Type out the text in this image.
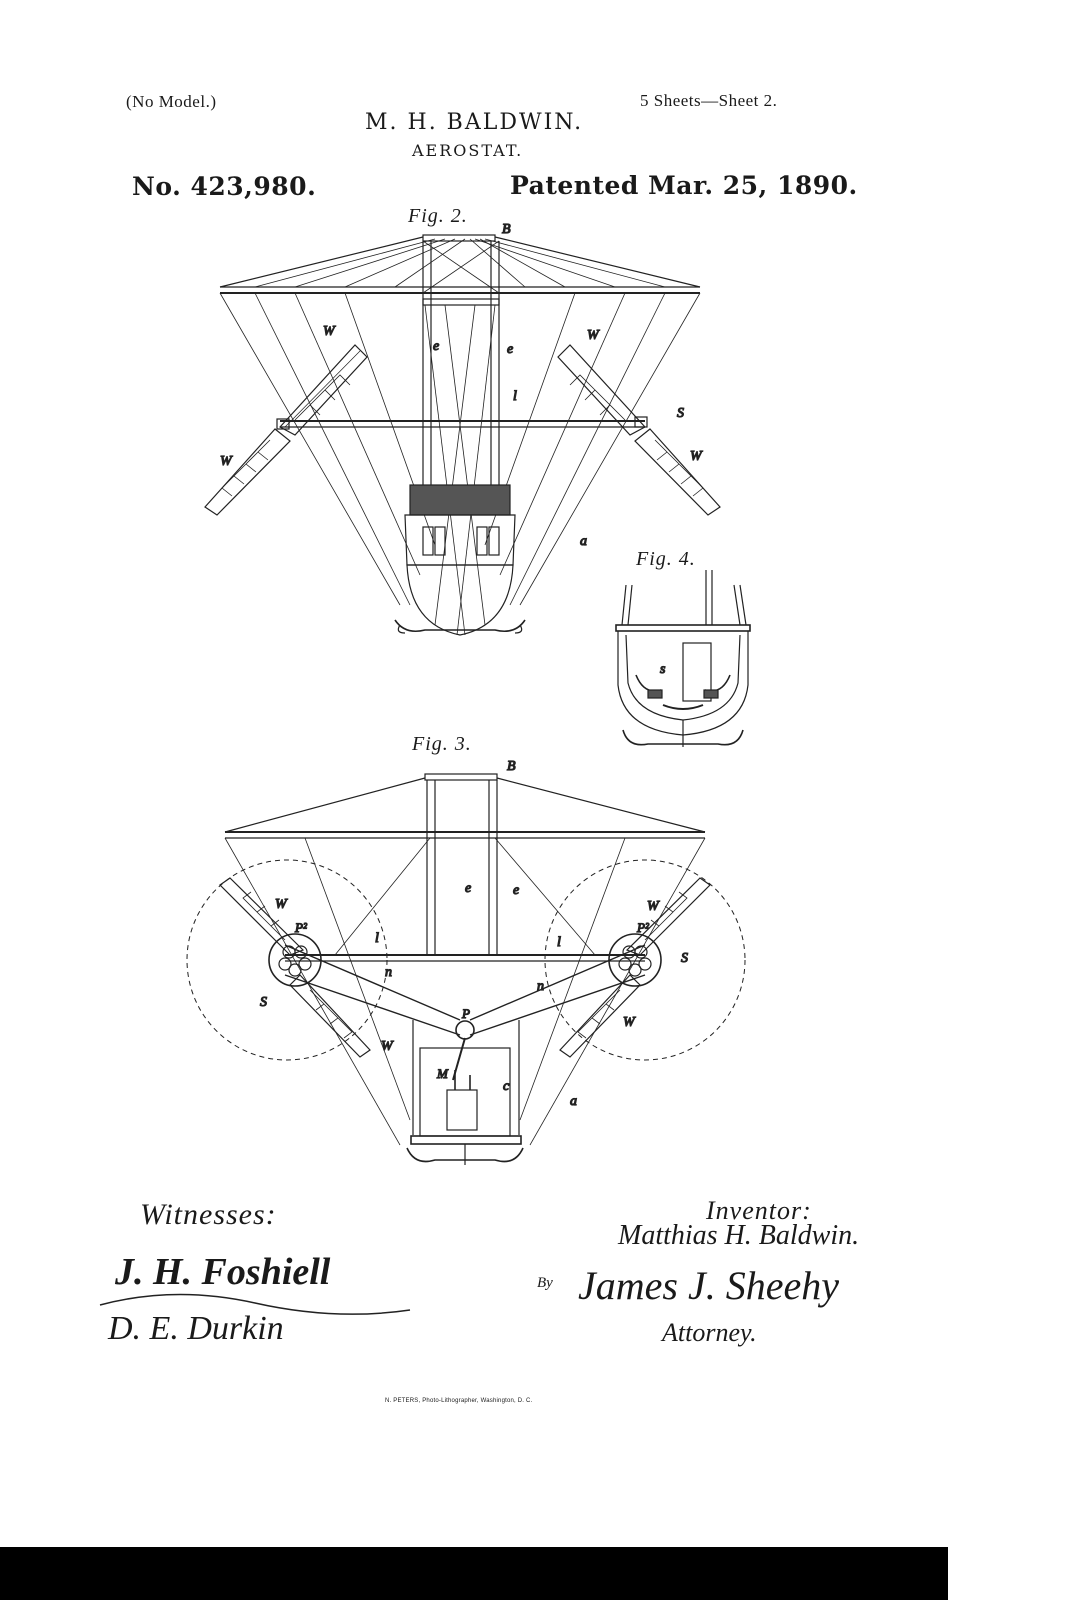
(No Model.)	5 Sheets—Sheet 2.
M. H. BALDWIN.
AEROSTAT.
No. 423,980.	Patented Mar. 25, 1890.
Fig. 2.
Fig. 4.
Fig. 3.
B
W	W
W	W
e	e
l
S
a
s
B
W	W
W
W
e	e
l	l
P²	P²
S
S
n
n
P
M
c
a
Witnesses:	Inventor:
Matthias H. Baldwin.
J. H. Foshiell
D. E. Durkin
By James J. Sheehy
Attorney.
N. PETERS, Photo-Lithographer, Washington, D. C.
